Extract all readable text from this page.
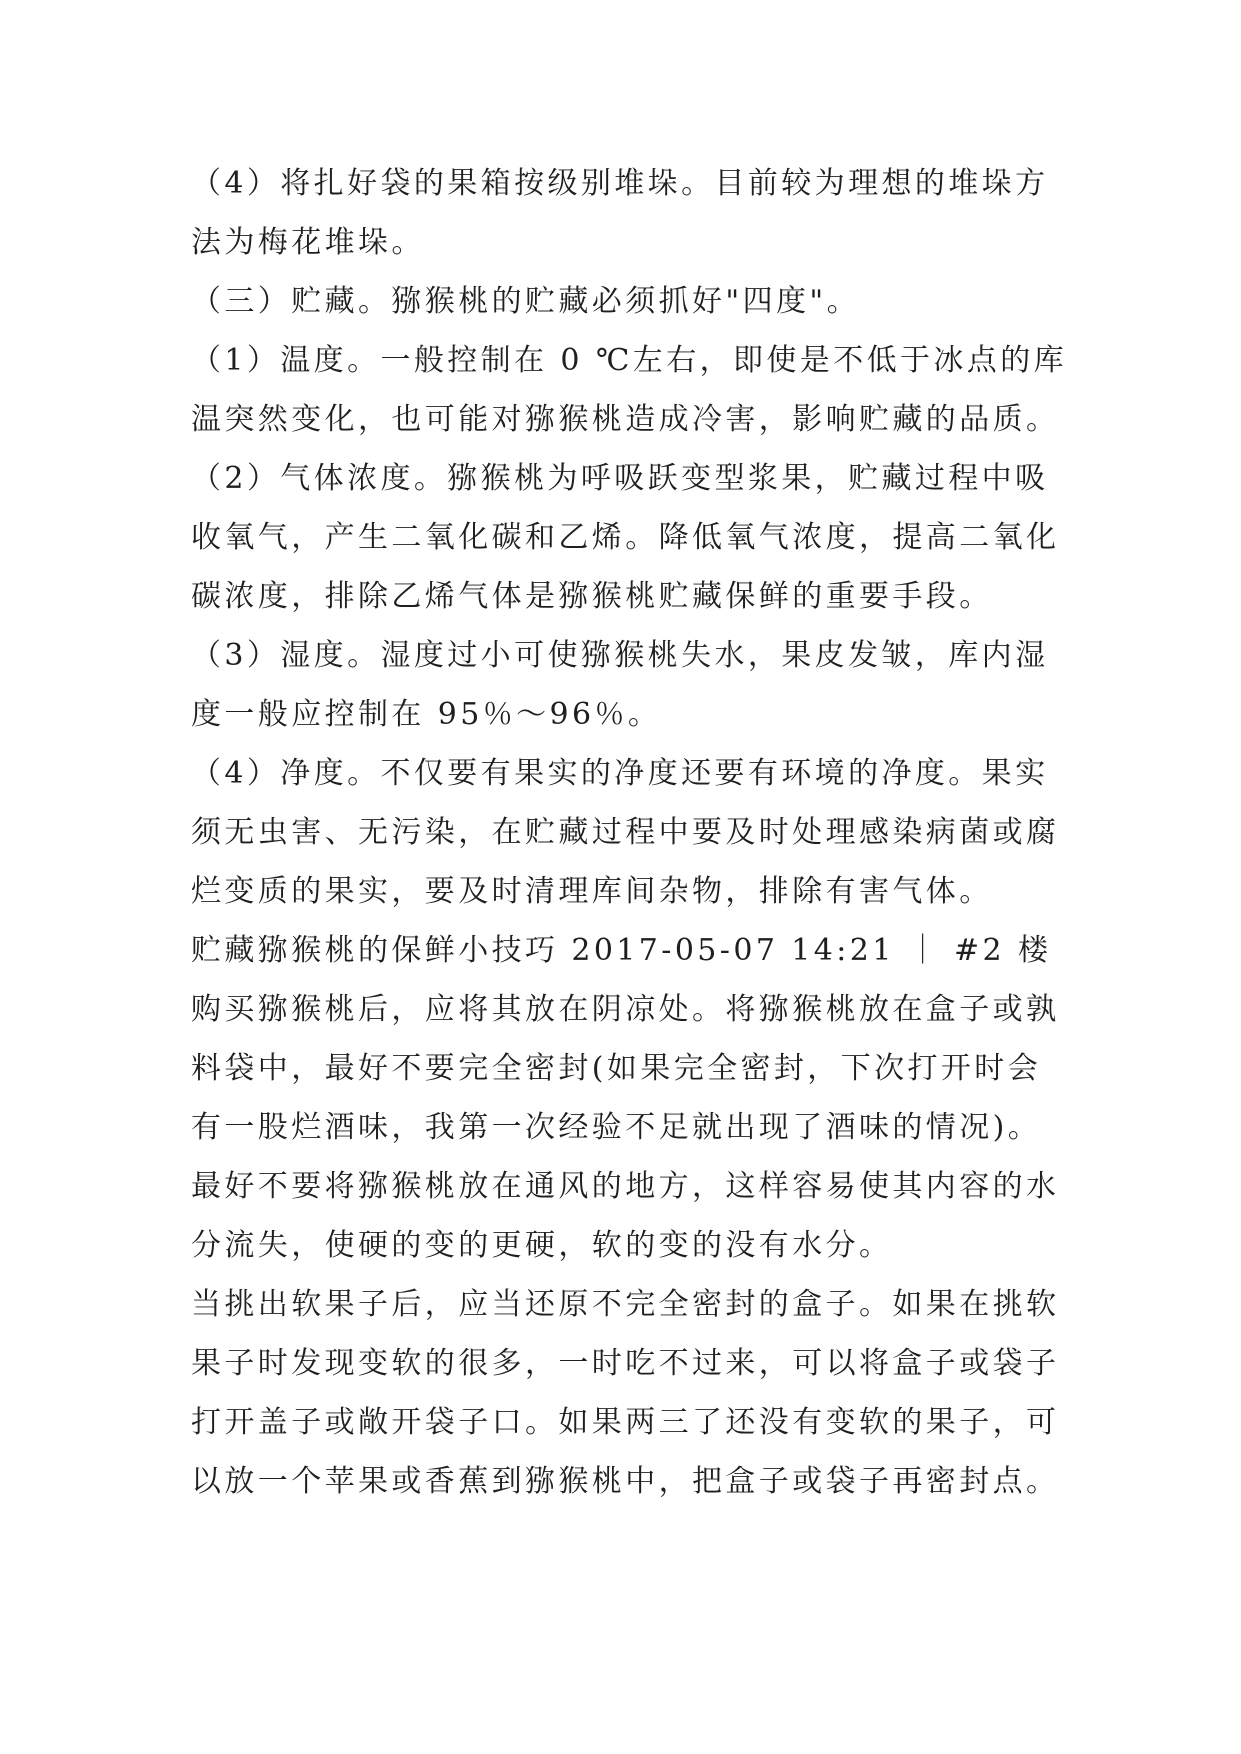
（4）将扎好袋的果箱按级别堆垛。目前较为理想的堆垛方
法为梅花堆垛。
（三）贮藏。猕猴桃的贮藏必须抓好"四度"。
（1）温度。一般控制在 0 ℃左右，即使是不低于冰点的库
温突然变化，也可能对猕猴桃造成冷害，影响贮藏的品质。
（2）气体浓度。猕猴桃为呼吸跃变型浆果，贮藏过程中吸
收氧气，产生二氧化碳和乙烯。降低氧气浓度，提高二氧化
碳浓度，排除乙烯气体是猕猴桃贮藏保鲜的重要手段。
（3）湿度。湿度过小可使猕猴桃失水，果皮发皱，库内湿
度一般应控制在 95％～96％。
（4）净度。不仅要有果实的净度还要有环境的净度。果实
须无虫害、无污染，在贮藏过程中要及时处理感染病菌或腐
烂变质的果实，要及时清理库间杂物，排除有害气体。
贮藏猕猴桃的保鲜小技巧 2017-05-07 14:21 ｜ #2 楼
购买猕猴桃后，应将其放在阴凉处。将猕猴桃放在盒子或孰
料袋中，最好不要完全密封(如果完全密封，下次打开时会
有一股烂酒味，我第一次经验不足就出现了酒味的情况)。
最好不要将猕猴桃放在通风的地方，这样容易使其内容的水
分流失，使硬的变的更硬，软的变的没有水分。
当挑出软果子后，应当还原不完全密封的盒子。如果在挑软
果子时发现变软的很多，一时吃不过来，可以将盒子或袋子
打开盖子或敞开袋子口。如果两三了还没有变软的果子，可
以放一个苹果或香蕉到猕猴桃中，把盒子或袋子再密封点。
